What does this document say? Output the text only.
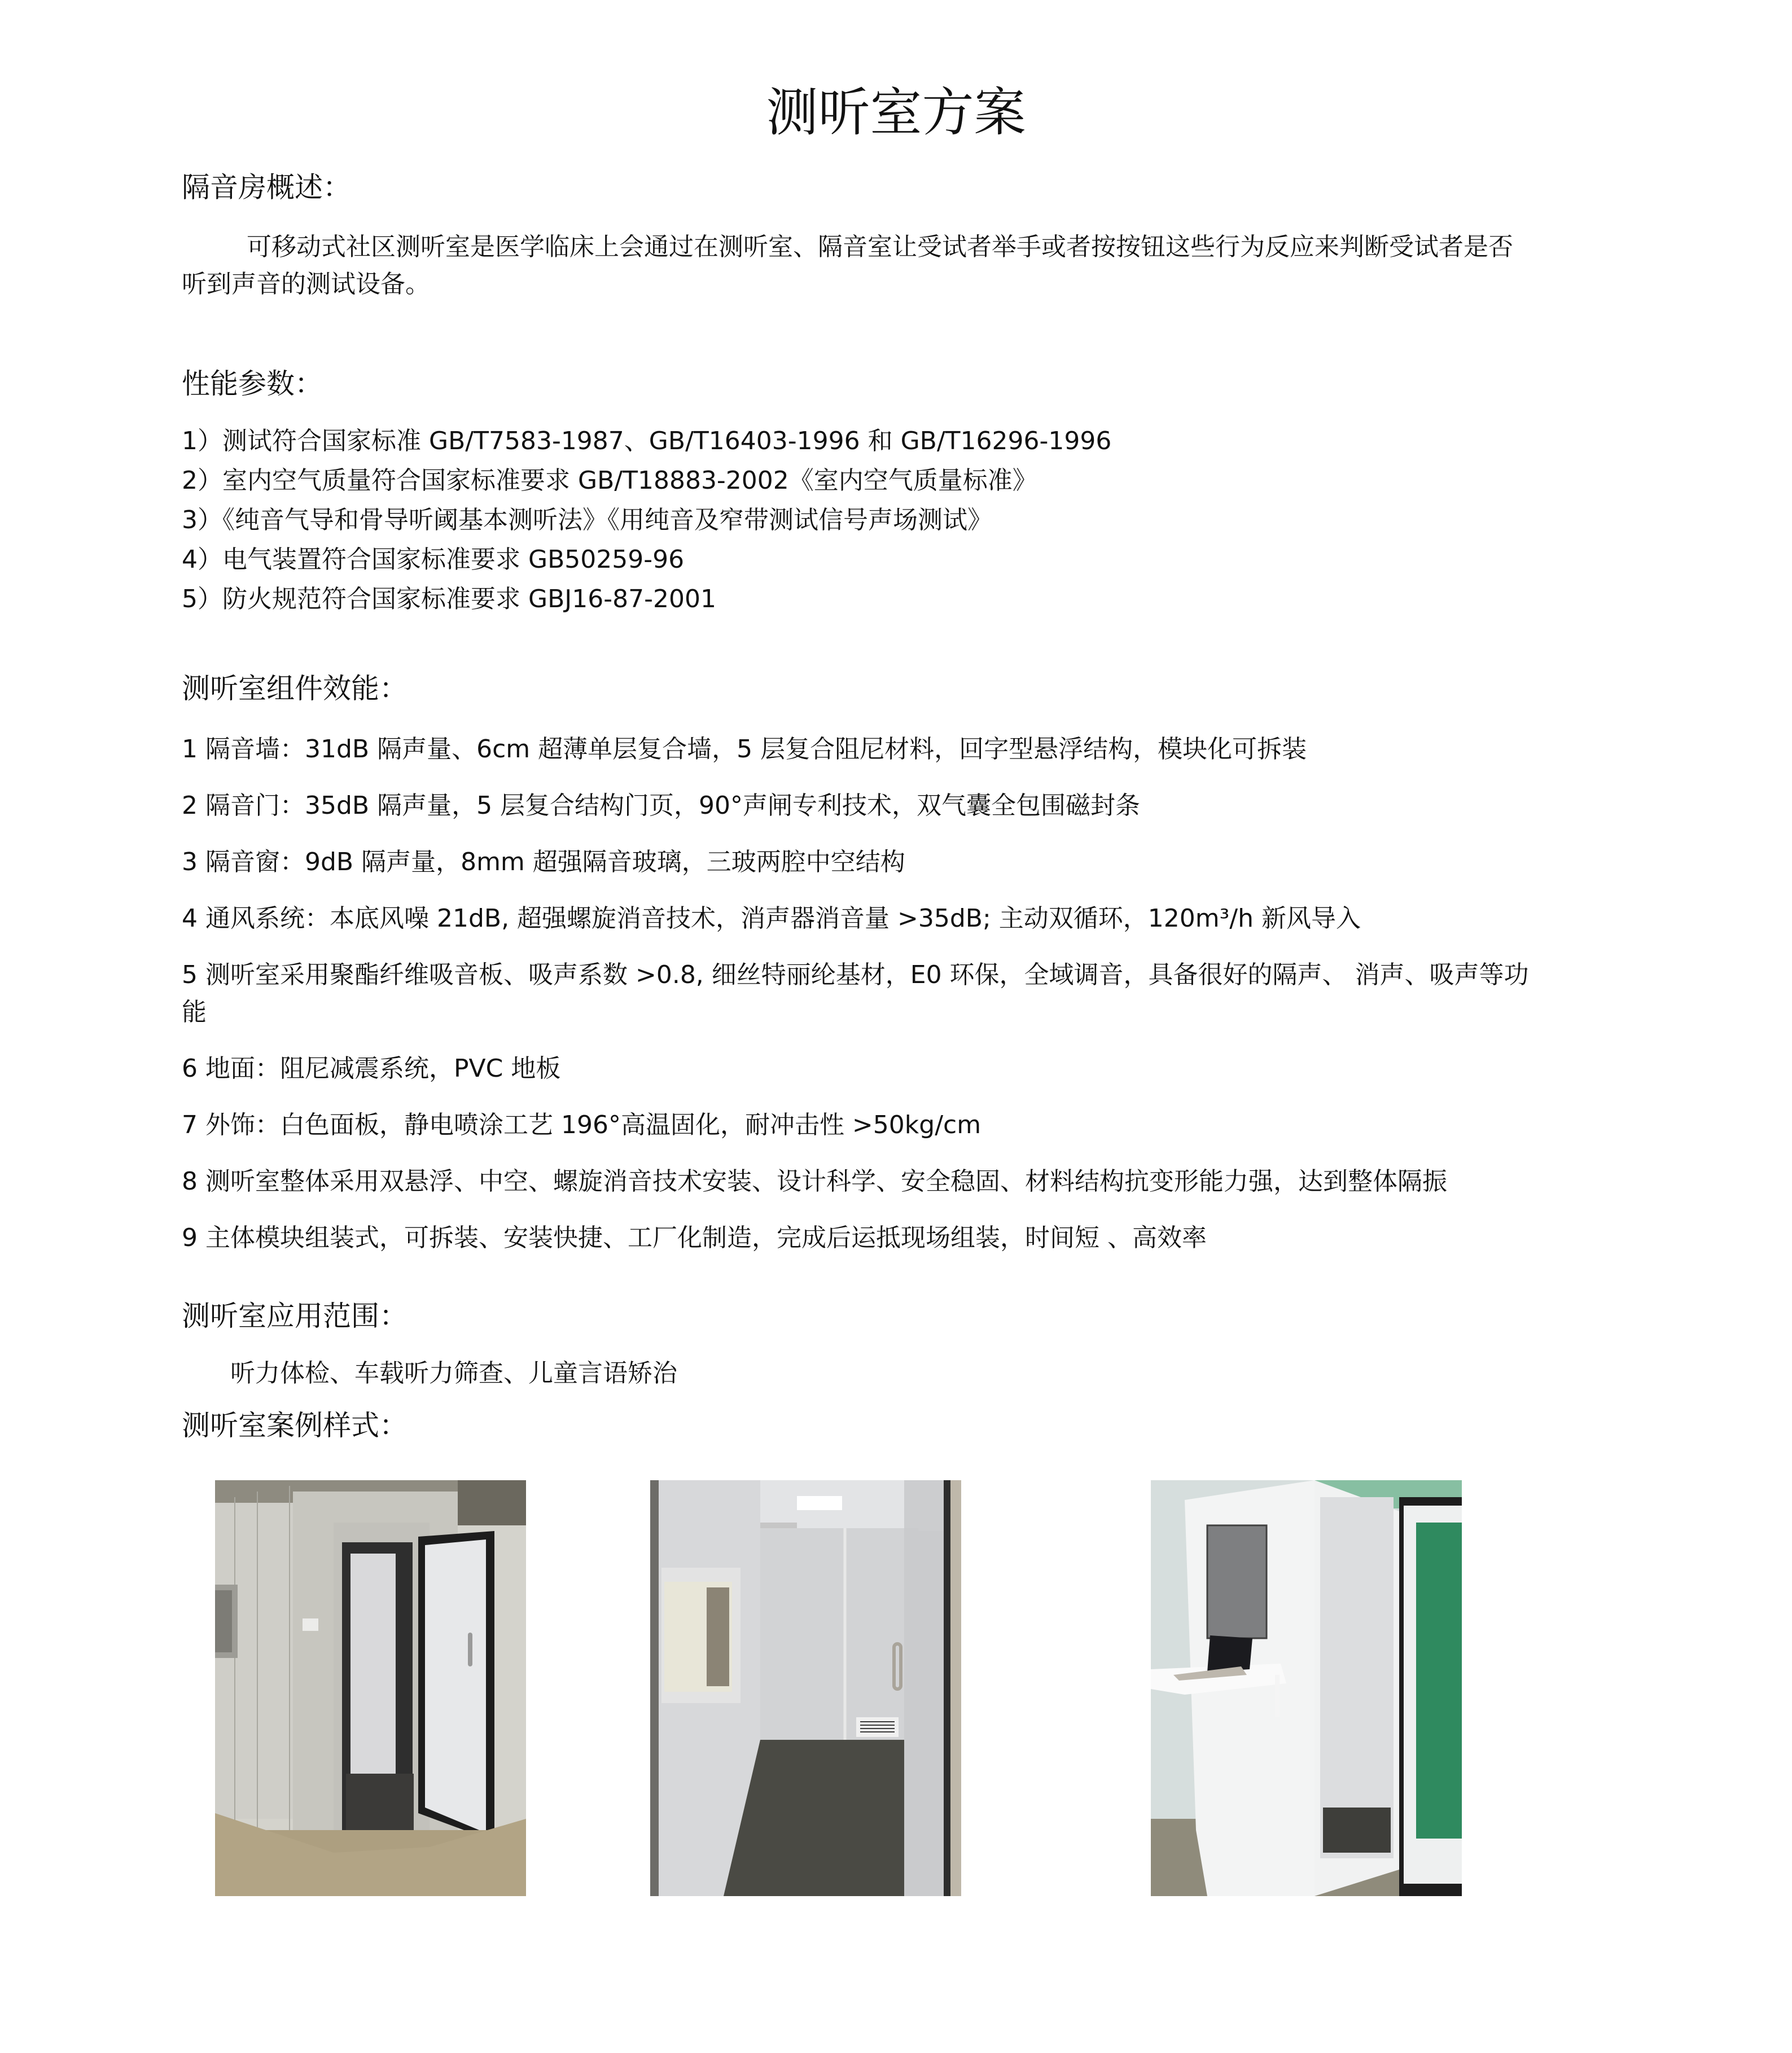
测听室方案
隔音房概述：
可移动式社区测听室是医学临床上会通过在测听室、隔音室让受试者举手或者按按钮这些行为反应来判断受试者是否
听到声音的测试设备。
性能参数：
1）测试符合国家标准 GB/T7583-1987、GB/T16403-1996 和 GB/T16296-1996
2）室内空气质量符合国家标准要求 GB/T18883-2002《室内空气质量标准》
3）《纯音气导和骨导听阈基本测听法》《用纯音及窄带测试信号声场测试》
4）电气装置符合国家标准要求 GB50259-96
5）防火规范符合国家标准要求 GBJ16-87-2001
测听室组件效能：
1 隔音墙：31dB 隔声量、6cm 超薄单层复合墙，5 层复合阻尼材料，回字型悬浮结构，模块化可拆装
2 隔音门：35dB 隔声量，5 层复合结构门页，90°声闸专利技术，双气囊全包围磁封条
3 隔音窗：9dB 隔声量，8mm 超强隔音玻璃，三玻两腔中空结构
4 通风系统：本底风噪 21dB, 超强螺旋消音技术，消声器消音量 >35dB; 主动双循环，120m³/h 新风导入
5 测听室采用聚酯纤维吸音板、吸声系数 >0.8, 细丝特丽纶基材，E0 环保，全域调音，具备很好的隔声、 消声、吸声等功
能
6 地面：阻尼减震系统，PVC 地板
7 外饰：白色面板，静电喷涂工艺 196°高温固化，耐冲击性 >50kg/cm
8 测听室整体采用双悬浮、中空、螺旋消音技术安装、设计科学、安全稳固、材料结构抗变形能力强，达到整体隔振
9 主体模块组装式，可拆装、安装快捷、工厂化制造，完成后运抵现场组装，时间短 、高效率
测听室应用范围：
听力体检、车载听力筛查、儿童言语矫治
测听室案例样式：
